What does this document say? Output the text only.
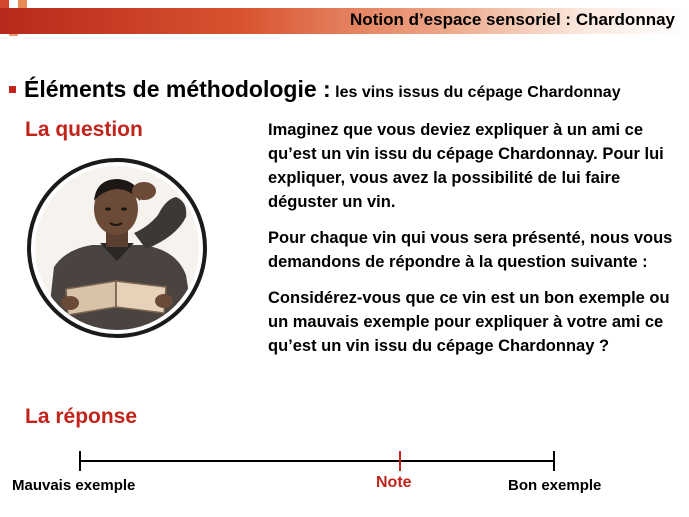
Notion d’espace sensoriel : Chardonnay
Éléments de méthodologie : les vins issus du cépage Chardonnay
La question	Imaginez que vous deviez expliquer à un ami ce qu’est un vin issu du cépage Chardonnay. Pour lui expliquer, vous avez la possibilité de lui faire déguster un vin.

Pour chaque vin qui vous sera présenté, nous vous demandons de répondre à la question suivante :

Considérez-vous que ce vin est un bon exemple ou un mauvais exemple pour expliquer à votre ami ce qu’est un vin issu du cépage Chardonnay ?

La réponse
Mauvais exemple	Note	Bon exemple
